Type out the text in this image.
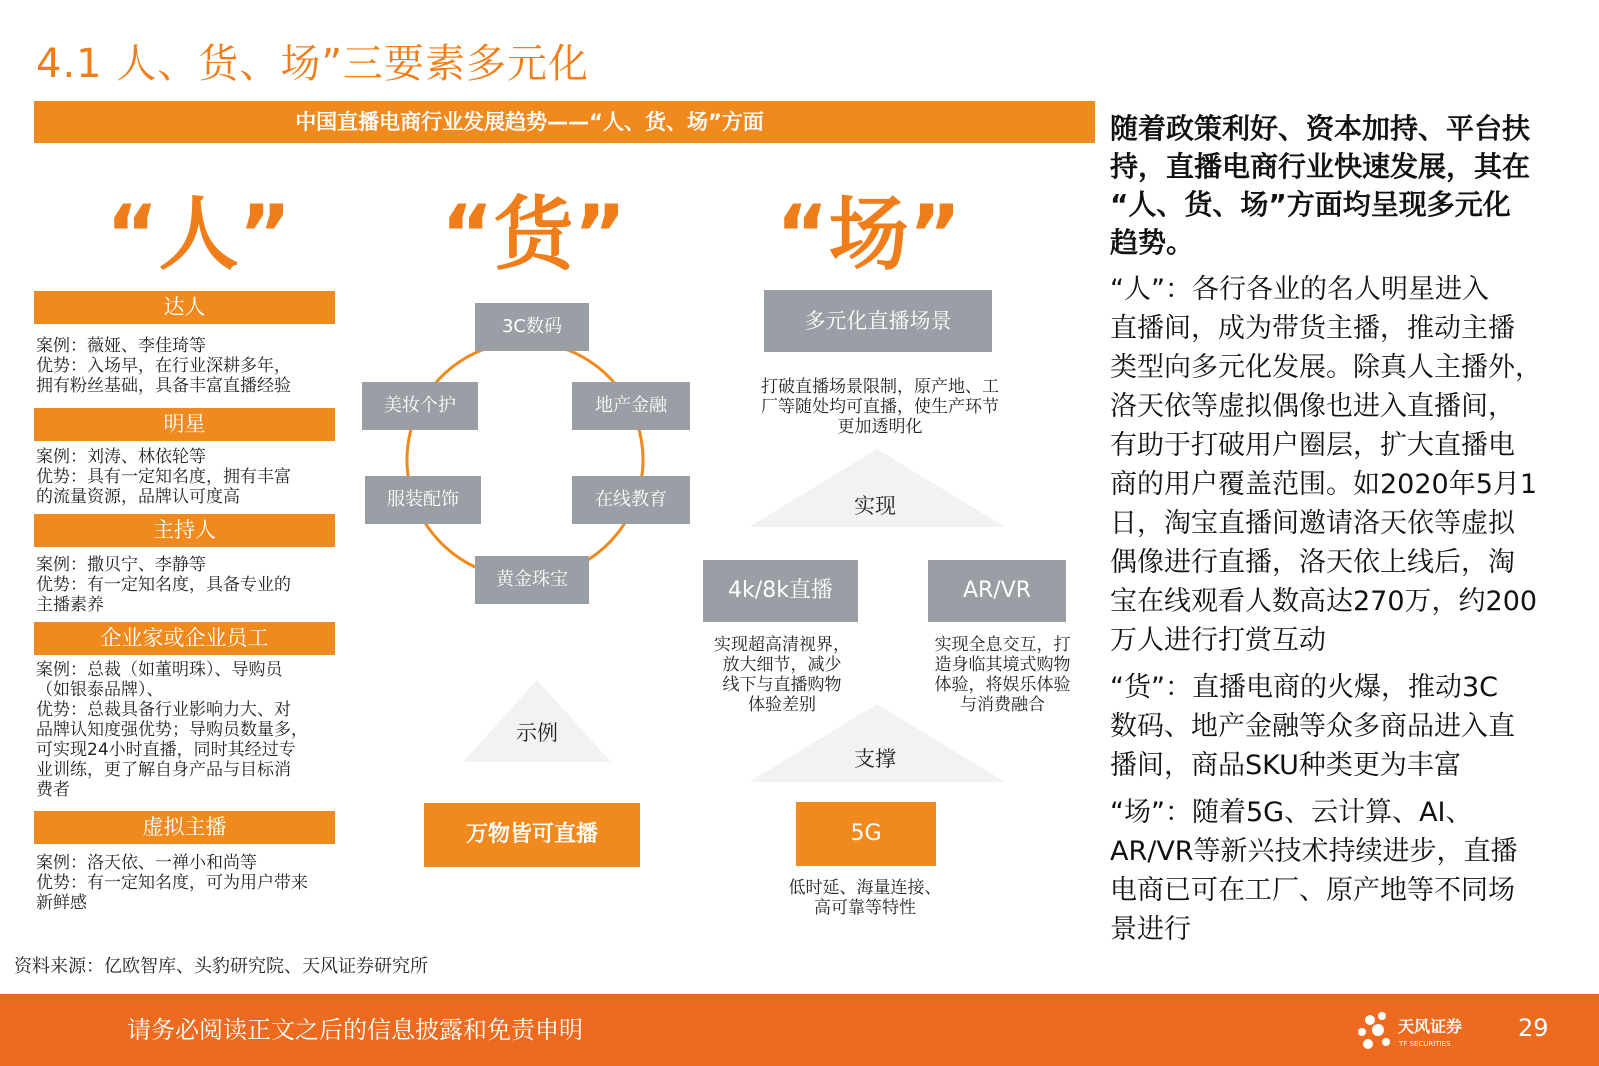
4.1 人、货、场”三要素多元化
中国直播电商行业发展趋势——“人、货、场”方面
“人” “货” “场”
达人
案例：薇娅、李佳琦等
优势：入场早，在行业深耕多年，
拥有粉丝基础，具备丰富直播经验
明星
案例：刘涛、林依轮等
优势：具有一定知名度，拥有丰富
的流量资源，品牌认可度高
主持人
案例：撒贝宁、李静等
优势：有一定知名度，具备专业的
主播素养
企业家或企业员工
案例：总裁（如董明珠）、导购员
（如银泰品牌）、
优势：总裁具备行业影响力大、对
品牌认知度强优势；导购员数量多，
可实现24小时直播，同时其经过专
业训练，更了解自身产品与目标消
费者
虚拟主播
案例：洛天依、一禅小和尚等
优势：有一定知名度，可为用户带来
新鲜感
3C数码
地产金融
在线教育
黄金珠宝
服装配饰
美妆个护
示例
万物皆可直播
多元化直播场景
打破直播场景限制，原产地、工
厂等随处均可直播，使生产环节
更加透明化
实现
4k/8k直播
实现超高清视界，
放大细节，减少
线下与直播购物
体验差别
AR/VR
实现全息交互，打
造身临其境式购物
体验，将娱乐体验
与消费融合
支撑
5G
低时延、海量连接、
高可靠等特性

随着政策利好、资本加持、平台扶
持，直播电商行业快速发展，其在
“人、货、场”方面均呈现多元化
趋势。

“人”：各行各业的名人明星进入
直播间，成为带货主播，推动主播
类型向多元化发展。除真人主播外，
洛天依等虚拟偶像也进入直播间，
有助于打破用户圈层，扩大直播电
商的用户覆盖范围。如2020年5月1
日，淘宝直播间邀请洛天依等虚拟
偶像进行直播，洛天依上线后，淘
宝在线观看人数高达270万，约200
万人进行打赏互动

“货”：直播电商的火爆，推动3C
数码、地产金融等众多商品进入直
播间，商品SKU种类更为丰富

“场”：随着5G、云计算、AI、
AR/VR等新兴技术持续进步，直播
电商已可在工厂、原产地等不同场
景进行

资料来源：亿欧智库、头豹研究院、天风证券研究所
请务必阅读正文之后的信息披露和免责申明	天风证券
TF SECURITIES
29
